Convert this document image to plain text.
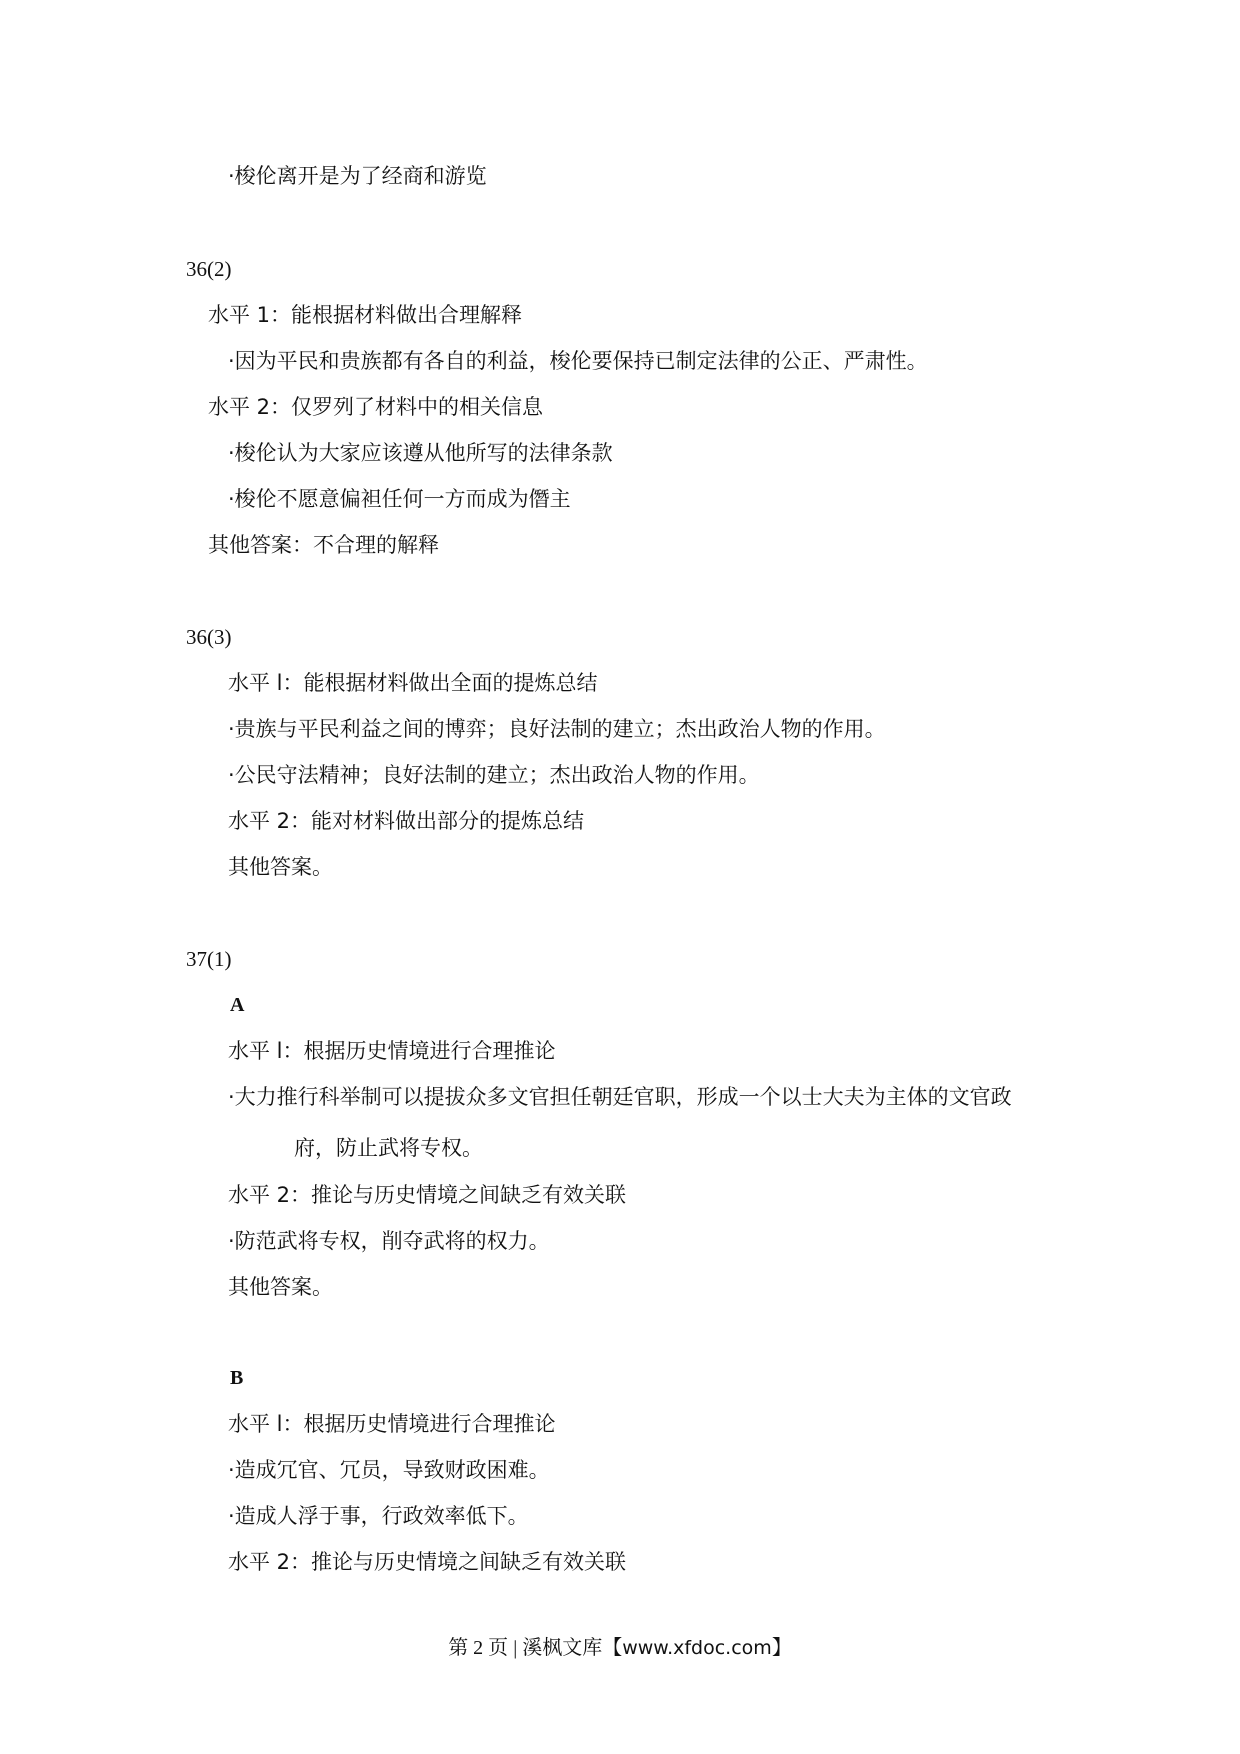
·梭伦离开是为了经商和游览
36(2)
水平 1：能根据材料做出合理解释
·因为平民和贵族都有各自的利益，梭伦要保持已制定法律的公正、严肃性。
水平 2：仅罗列了材料中的相关信息
·梭伦认为大家应该遵从他所写的法律条款
·梭伦不愿意偏袒任何一方而成为僭主
其他答案：不合理的解释
36(3)
水平 l：能根据材料做出全面的提炼总结
·贵族与平民利益之间的博弈；良好法制的建立；杰出政治人物的作用。
·公民守法精神；良好法制的建立；杰出政治人物的作用。
水平 2：能对材料做出部分的提炼总结
其他答案。
37(1)
A
水平 l：根据历史情境进行合理推论
·大力推行科举制可以提拔众多文官担任朝廷官职，形成一个以士大夫为主体的文官政
府，防止武将专权。
水平 2：推论与历史情境之间缺乏有效关联
·防范武将专权，削夺武将的权力。
其他答案。
B
水平 l：根据历史情境进行合理推论
·造成冗官、冗员，导致财政困难。
·造成人浮于事，行政效率低下。
水平 2：推论与历史情境之间缺乏有效关联
第 2 页 | 溪枫文库【www.xfdoc.com】
